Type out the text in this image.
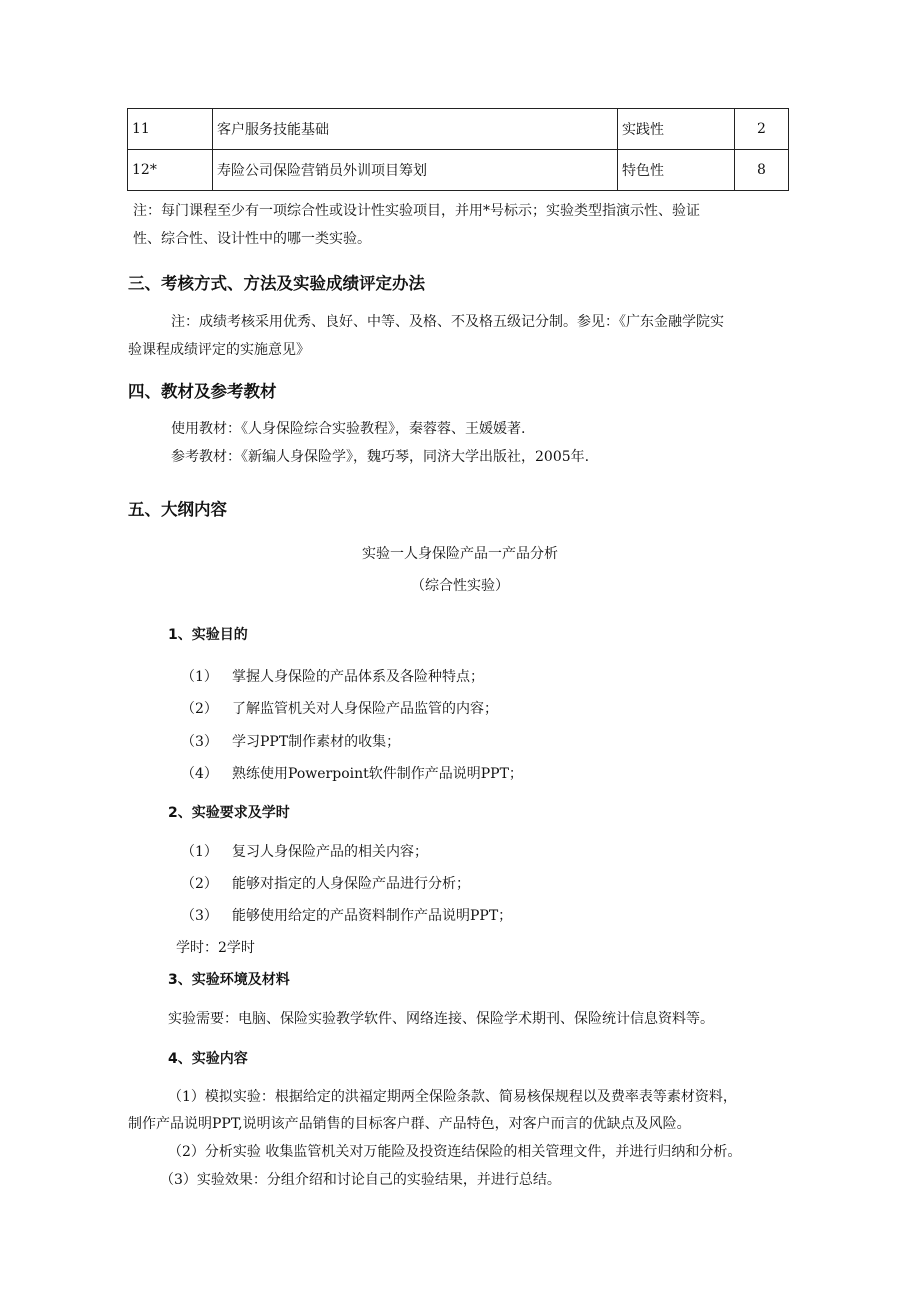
11	客户服务技能基础	实践性	2
12*	寿险公司保险营销员外训项目筹划	特色性	8
注：每门课程至少有一项综合性或设计性实验项目，并用*号标示；实验类型指演示性、验证
性、综合性、设计性中的哪一类实验。
三、考核方式、方法及实验成绩评定办法
注：成绩考核采用优秀、良好、中等、及格、不及格五级记分制。参见：《广东金融学院实
验课程成绩评定的实施意见》
四、教材及参考教材
使用教材：《人身保险综合实验教程》，秦蓉蓉、王媛媛著.
参考教材：《新编人身保险学》，魏巧琴，同济大学出版社，2005年.
五、大纲内容
实验一人身保险产品一产品分析
（综合性实验）
1、实验目的
（1） 掌握人身保险的产品体系及各险种特点；
（2） 了解监管机关对人身保险产品监管的内容；
（3） 学习PPT制作素材的收集；
（4） 熟练使用Powerpoint软件制作产品说明PPT；
2、实验要求及学时
（1） 复习人身保险产品的相关内容；
（2） 能够对指定的人身保险产品进行分析；
（3） 能够使用给定的产品资料制作产品说明PPT；
学时：2学时
3、实验环境及材料
实验需要：电脑、保险实验教学软件、网络连接、保险学术期刊、保险统计信息资料等。
4、实验内容
（1）模拟实验：根据给定的洪福定期两全保险条款、简易核保规程以及费率表等素材资料，
制作产品说明PPT,说明该产品销售的目标客户群、产品特色，对客户而言的优缺点及风险。
（2）分析实验 收集监管机关对万能险及投资连结保险的相关管理文件，并进行归纳和分析。
（3）实验效果：分组介绍和讨论自己的实验结果，并进行总结。
